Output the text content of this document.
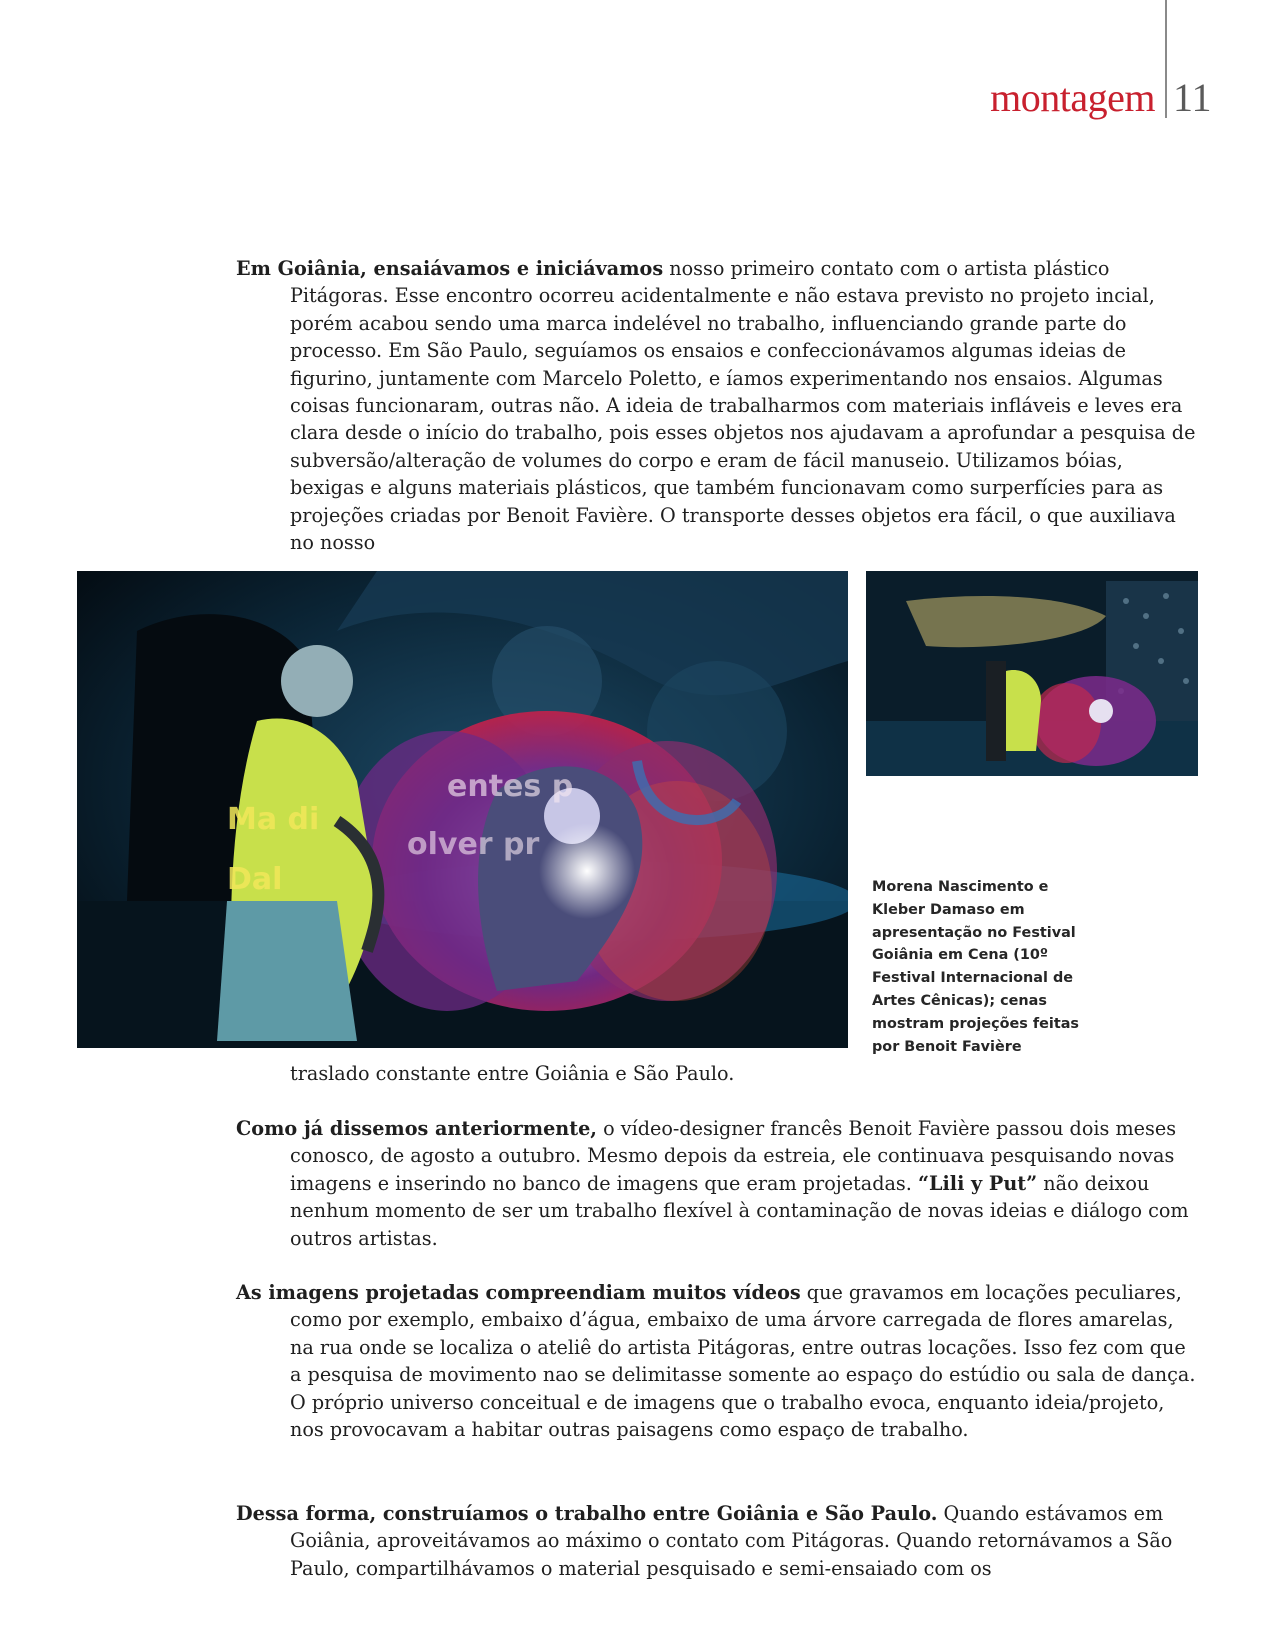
montagem 11

Em Goiânia, ensaiávamos e iniciávamos nosso primeiro contato com o artista plástico Pitágoras. Esse encontro ocorreu acidentalmente e não estava previsto no projeto incial, porém acabou sendo uma marca indelével no trabalho, influenciando grande parte do processo. Em São Paulo, seguíamos os ensaios e confeccionávamos algumas ideias de figurino, juntamente com Marcelo Poletto, e íamos experimentando nos ensaios. Algumas coisas funcionaram, outras não. A ideia de trabalharmos com materiais infláveis e leves era clara desde o início do trabalho, pois esses objetos nos ajudavam a aprofundar a pesquisa de subversão/alteração de volumes do corpo e eram de fácil manuseio. Utilizamos bóias, bexigas e alguns materiais plásticos, que também funcionavam como surperfícies para as projeções criadas por Benoit Favière. O transporte desses objetos era fácil, o que auxiliava no nosso

Ma di
Dal
entes p
olver pr

Morena Nascimento e Kleber Damaso em apresentação no Festival Goiânia em Cena (10º Festival Internacional de Artes Cênicas); cenas mostram projeções feitas por Benoit Favière

traslado constante entre Goiânia e São Paulo.

Como já dissemos anteriormente, o vídeo-designer francês Benoit Favière passou dois meses conosco, de agosto a outubro. Mesmo depois da estreia, ele continuava pesquisando novas imagens e inserindo no banco de imagens que eram projetadas. “Lili y Put” não deixou nenhum momento de ser um trabalho flexível à contaminação de novas ideias e diálogo com outros artistas.

As imagens projetadas compreendiam muitos vídeos que gravamos em locações peculiares, como por exemplo, embaixo d’água, embaixo de uma árvore carregada de flores amarelas, na rua onde se localiza o ateliê do artista Pitágoras, entre outras locações. Isso fez com que a pesquisa de movimento nao se delimitasse somente ao espaço do estúdio ou sala de dança. O próprio universo conceitual e de imagens que o trabalho evoca, enquanto ideia/projeto, nos provocavam a habitar outras paisagens como espaço de trabalho.

Dessa forma, construíamos o trabalho entre Goiânia e São Paulo. Quando estávamos em Goiânia, aproveitávamos ao máximo o contato com Pitágoras. Quando retornávamos a São Paulo, compartilhávamos o material pesquisado e semi-ensaiado com os
